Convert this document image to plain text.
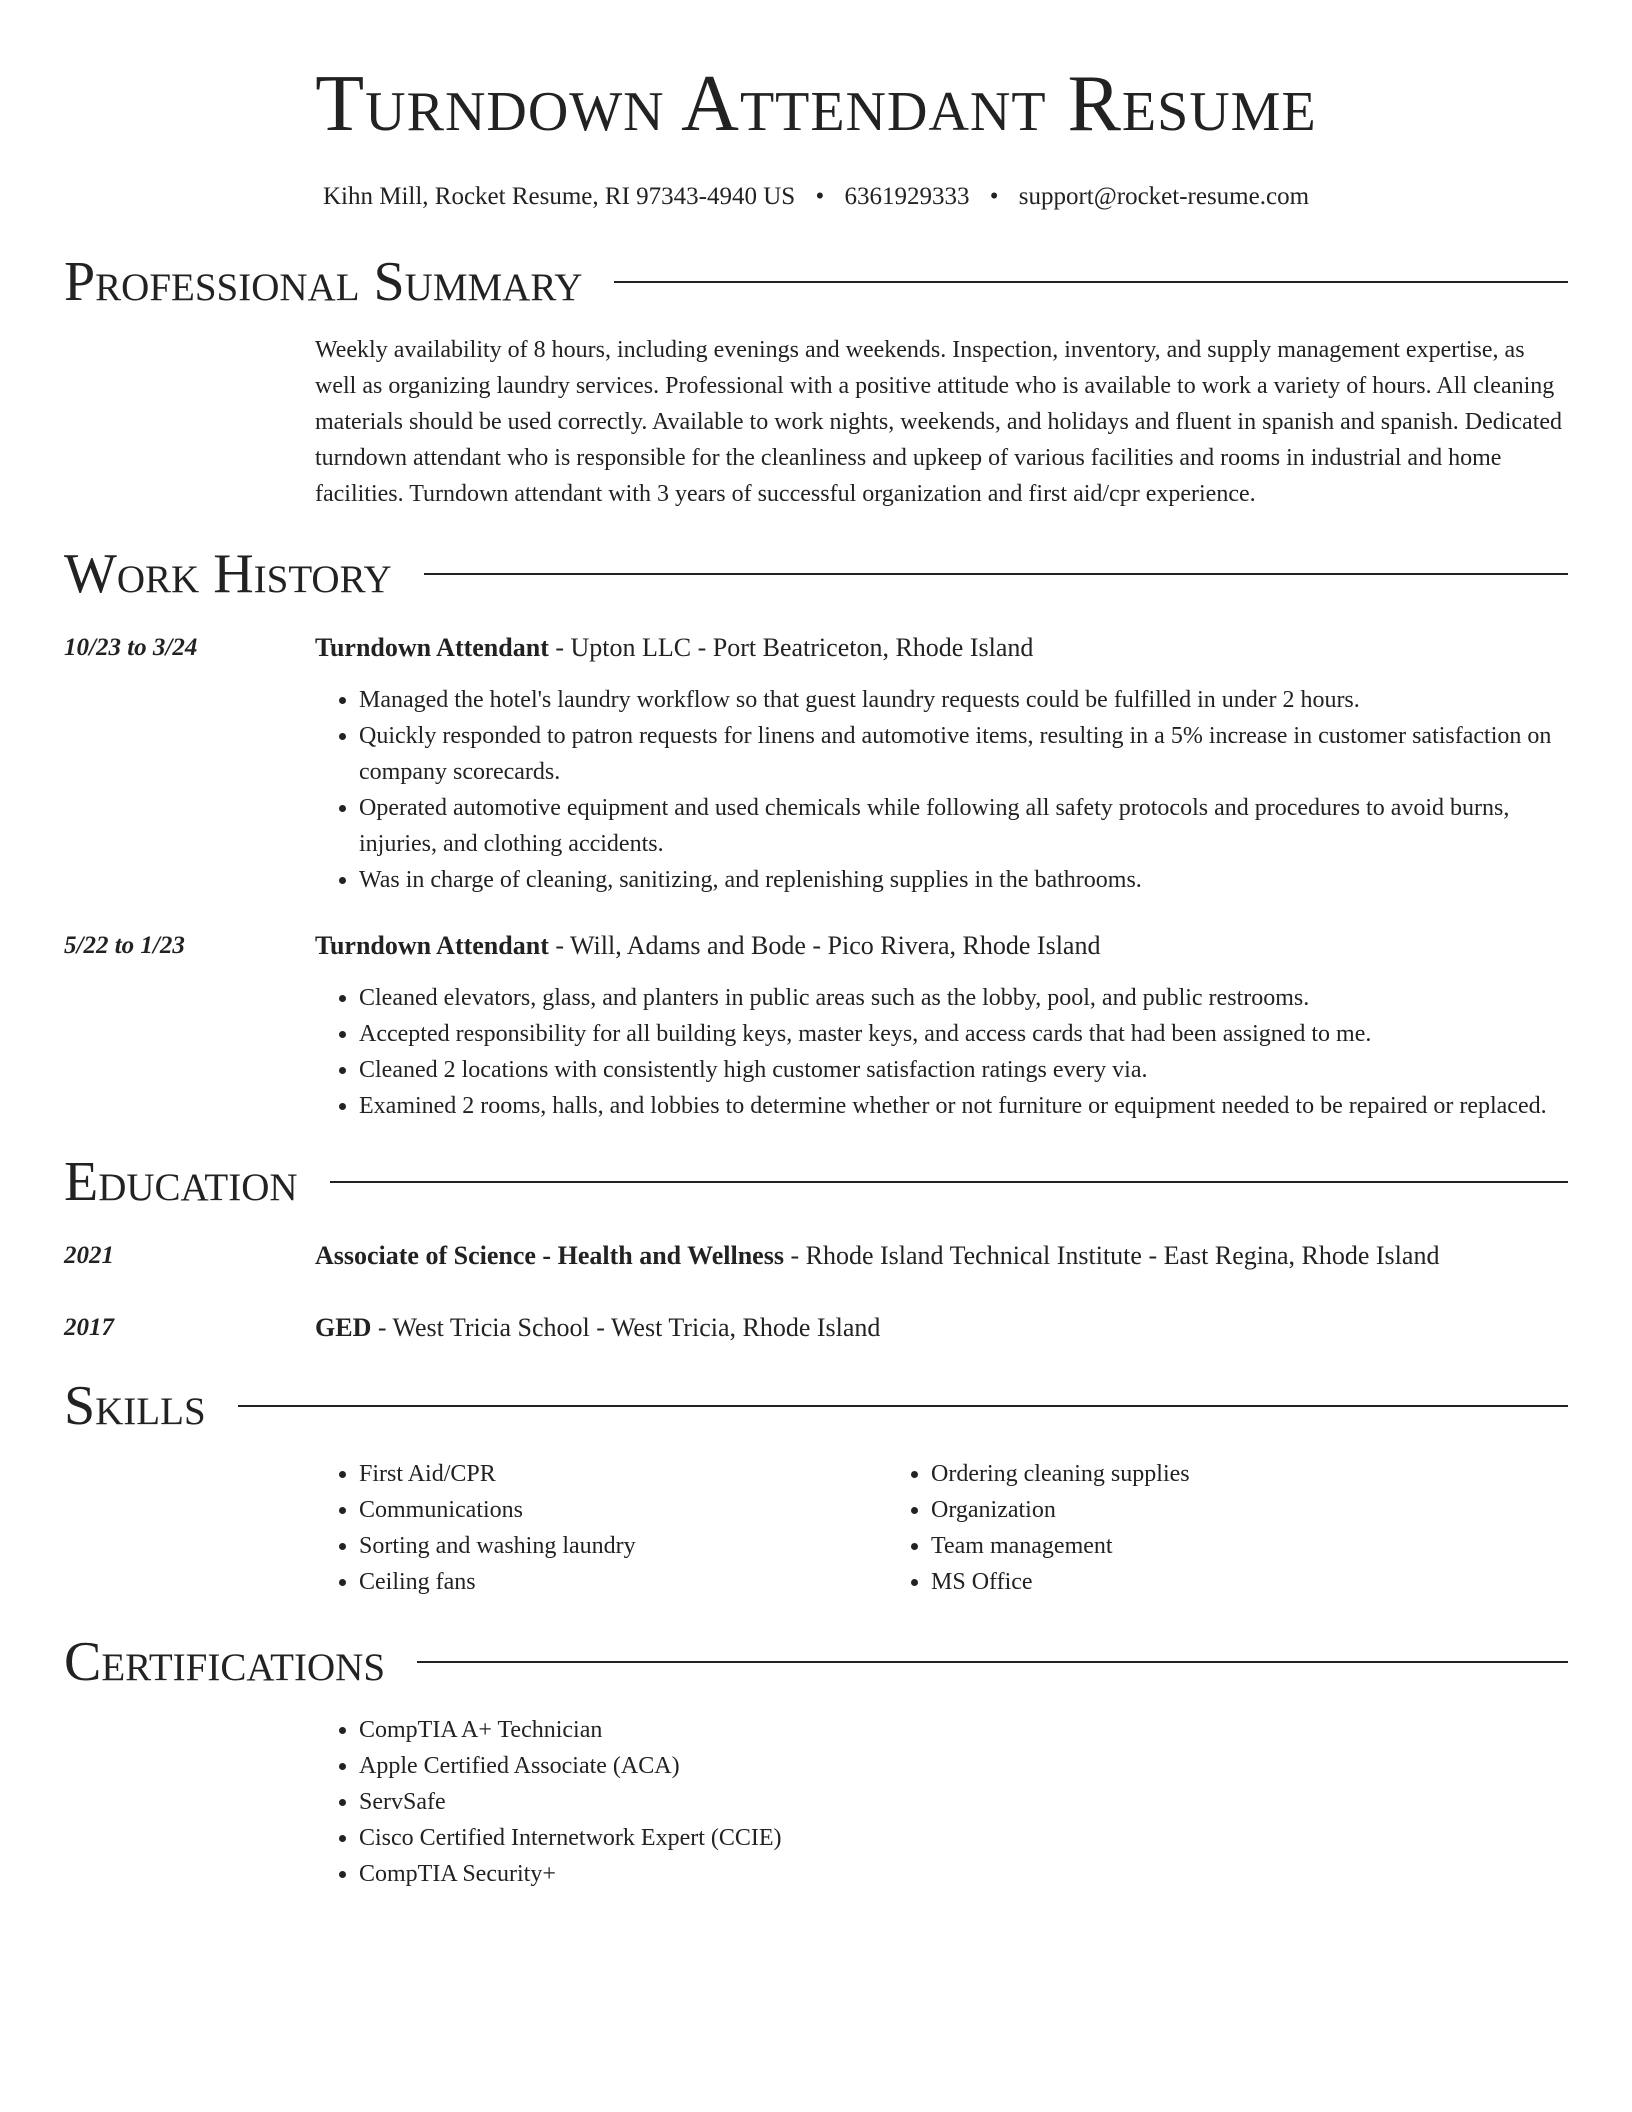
Turndown Attendant Resume
Kihn Mill, Rocket Resume, RI 97343-4940 US • 6361929333 • support@rocket-resume.com
Professional Summary
Weekly availability of 8 hours, including evenings and weekends. Inspection, inventory, and supply management expertise, as well as organizing laundry services. Professional with a positive attitude who is available to work a variety of hours. All cleaning materials should be used correctly. Available to work nights, weekends, and holidays and fluent in spanish and spanish. Dedicated turndown attendant who is responsible for the cleanliness and upkeep of various facilities and rooms in industrial and home facilities. Turndown attendant with 3 years of successful organization and first aid/cpr experience.
Work History
10/23 to 3/24	Turndown Attendant - Upton LLC - Port Beatriceton, Rhode Island
• Managed the hotel's laundry workflow so that guest laundry requests could be fulfilled in under 2 hours.
• Quickly responded to patron requests for linens and automotive items, resulting in a 5% increase in customer satisfaction on company scorecards.
• Operated automotive equipment and used chemicals while following all safety protocols and procedures to avoid burns, injuries, and clothing accidents.
• Was in charge of cleaning, sanitizing, and replenishing supplies in the bathrooms.
5/22 to 1/23	Turndown Attendant - Will, Adams and Bode - Pico Rivera, Rhode Island
• Cleaned elevators, glass, and planters in public areas such as the lobby, pool, and public restrooms.
• Accepted responsibility for all building keys, master keys, and access cards that had been assigned to me.
• Cleaned 2 locations with consistently high customer satisfaction ratings every via.
• Examined 2 rooms, halls, and lobbies to determine whether or not furniture or equipment needed to be repaired or replaced.
Education
2021	Associate of Science - Health and Wellness - Rhode Island Technical Institute - East Regina, Rhode Island
2017	GED - West Tricia School - West Tricia, Rhode Island
Skills
• First Aid/CPR
• Communications
• Sorting and washing laundry
• Ceiling fans
• Ordering cleaning supplies
• Organization
• Team management
• MS Office
Certifications
• CompTIA A+ Technician
• Apple Certified Associate (ACA)
• ServSafe
• Cisco Certified Internetwork Expert (CCIE)
• CompTIA Security+
